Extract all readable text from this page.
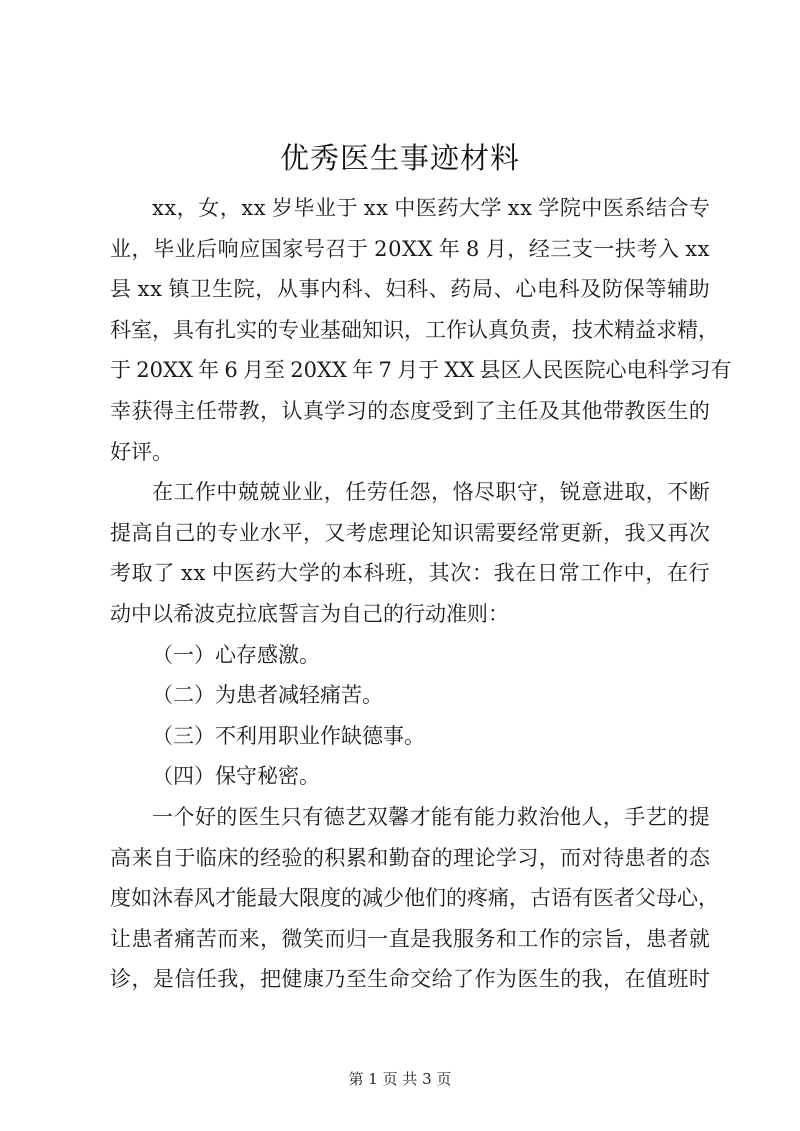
优秀医生事迹材料
x x ， 女 ， x x
岁 毕 业 于
x x
中 医 药 大 学
x x
学 院 中 医 系 结 合 专
业 ， 毕 业 后 响 应 国 家 号 召 于
2 0 X X
年
8
月 ， 经 三 支 一 扶 考 入
x x
县
x x
镇 卫 生 院 ， 从 事 内 科 、 妇 科 、 药 局 、 心 电 科 及 防 保 等 辅 助
科 室 ， 具 有 扎 实 的 专 业 基 础 知 识 ， 工 作 认 真 负 责 ， 技 术 精 益 求 精 ，
于
2 0 X X
年
6
月 至
2 0 X X
年
7
月 于
X X
县 区 人 民 医 院 心 电 科 学 习 有
幸 获 得 主 任 带 教 ， 认 真 学 习 的 态 度 受 到 了 主 任 及 其 他 带 教 医 生 的
好 评 。
在 工 作 中 兢 兢 业 业 ， 任 劳 任 怨 ， 恪 尽 职 守 ， 锐 意 进 取 ， 不 断
提 高 自 己 的 专 业 水 平 ， 又 考 虑 理 论 知 识 需 要 经 常 更 新 ， 我 又 再 次
考 取 了
x x
中 医 药 大 学 的 本 科 班 ， 其 次 ： 我 在 日 常 工 作 中 ， 在 行
动 中 以 希 波 克 拉 底 誓 言 为 自 己 的 行 动 准 则 ：
（ 一 ） 心 存 感 激 。
（ 二 ） 为 患 者 减 轻 痛 苦 。
（ 三 ） 不 利 用 职 业 作 缺 德 事 。
（ 四 ） 保 守 秘 密 。
一 个 好 的 医 生 只 有 德 艺 双 馨 才 能 有 能 力 救 治 他 人 ， 手 艺 的 提
高 来 自 于 临 床 的 经 验 的 积 累 和 勤 奋 的 理 论 学 习 ， 而 对 待 患 者 的 态
度 如 沐 春 风 才 能 最 大 限 度 的 减 少 他 们 的 疼 痛 ， 古 语 有 医 者 父 母 心 ，
让 患 者 痛 苦 而 来 ， 微 笑 而 归 一 直 是 我 服 务 和 工 作 的 宗 旨 ， 患 者 就
诊 ， 是 信 任 我 ， 把 健 康 乃 至 生 命 交 给 了 作 为 医 生 的 我 ， 在 值 班 时
第 1 页 共 3 页
